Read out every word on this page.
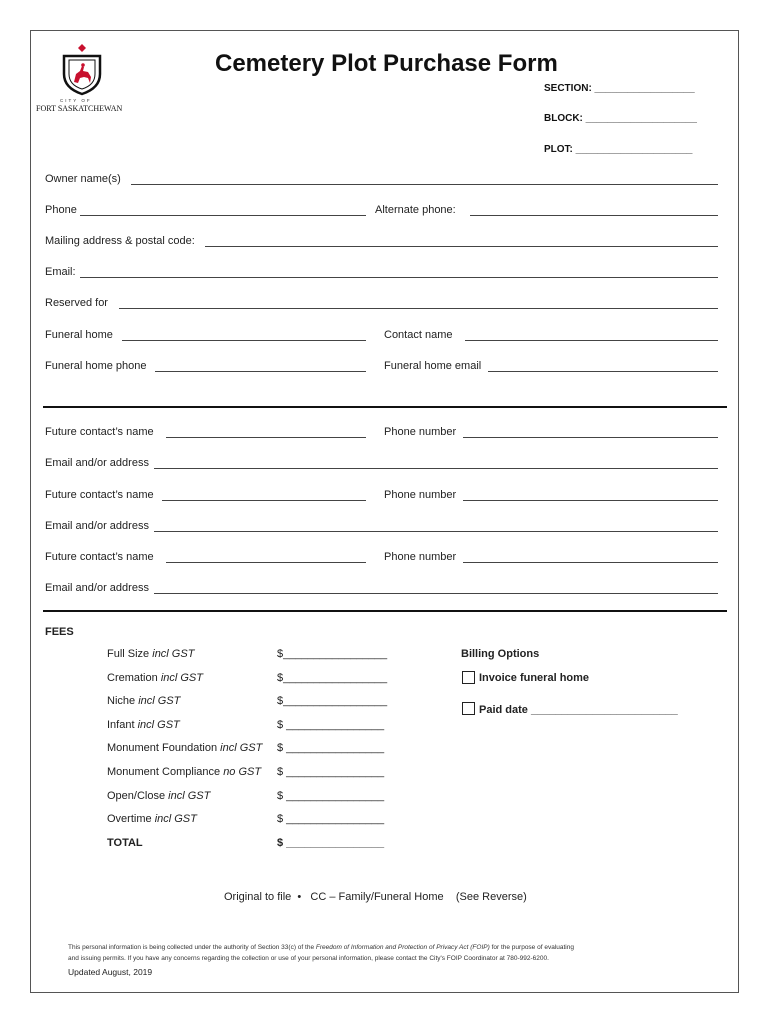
CITY OF
FORT SASKATCHEWAN
Cemetery Plot Purchase Form
SECTION: __________________
BLOCK: ____________________
PLOT: _____________________
Owner name(s)
Phone	Alternate phone:
Mailing address & postal code:
Email:
Reserved for
Funeral home	Contact name
Funeral home phone	Funeral home email
Future contact’s name	Phone number
Email and/or address
Future contact’s name	Phone number
Email and/or address
Future contact’s name	Phone number
Email and/or address
FEES
Full Size incl GST	$_________________
Cremation incl GST	$_________________
Niche incl GST	$_________________
Infant incl GST	$ ________________
Monument Foundation incl GST $ ________________
Monument Compliance no GST $ ________________
Open/Close incl GST	$ ________________
Overtime incl GST	$ ________________
TOTAL	$ ________________
Billing Options
Invoice funeral home
Paid date ________________________
Original to file  •   CC – Family/Funeral Home    (See Reverse)
This personal information is being collected under the authority of Section 33(c) of the Freedom of Information and Protection of Privacy Act (FOIP) for the purpose of evaluating
and issuing permits. If you have any concerns regarding the collection or use of your personal information, please contact the City's FOIP Coordinator at 780-992-6200.
Updated August, 2019
